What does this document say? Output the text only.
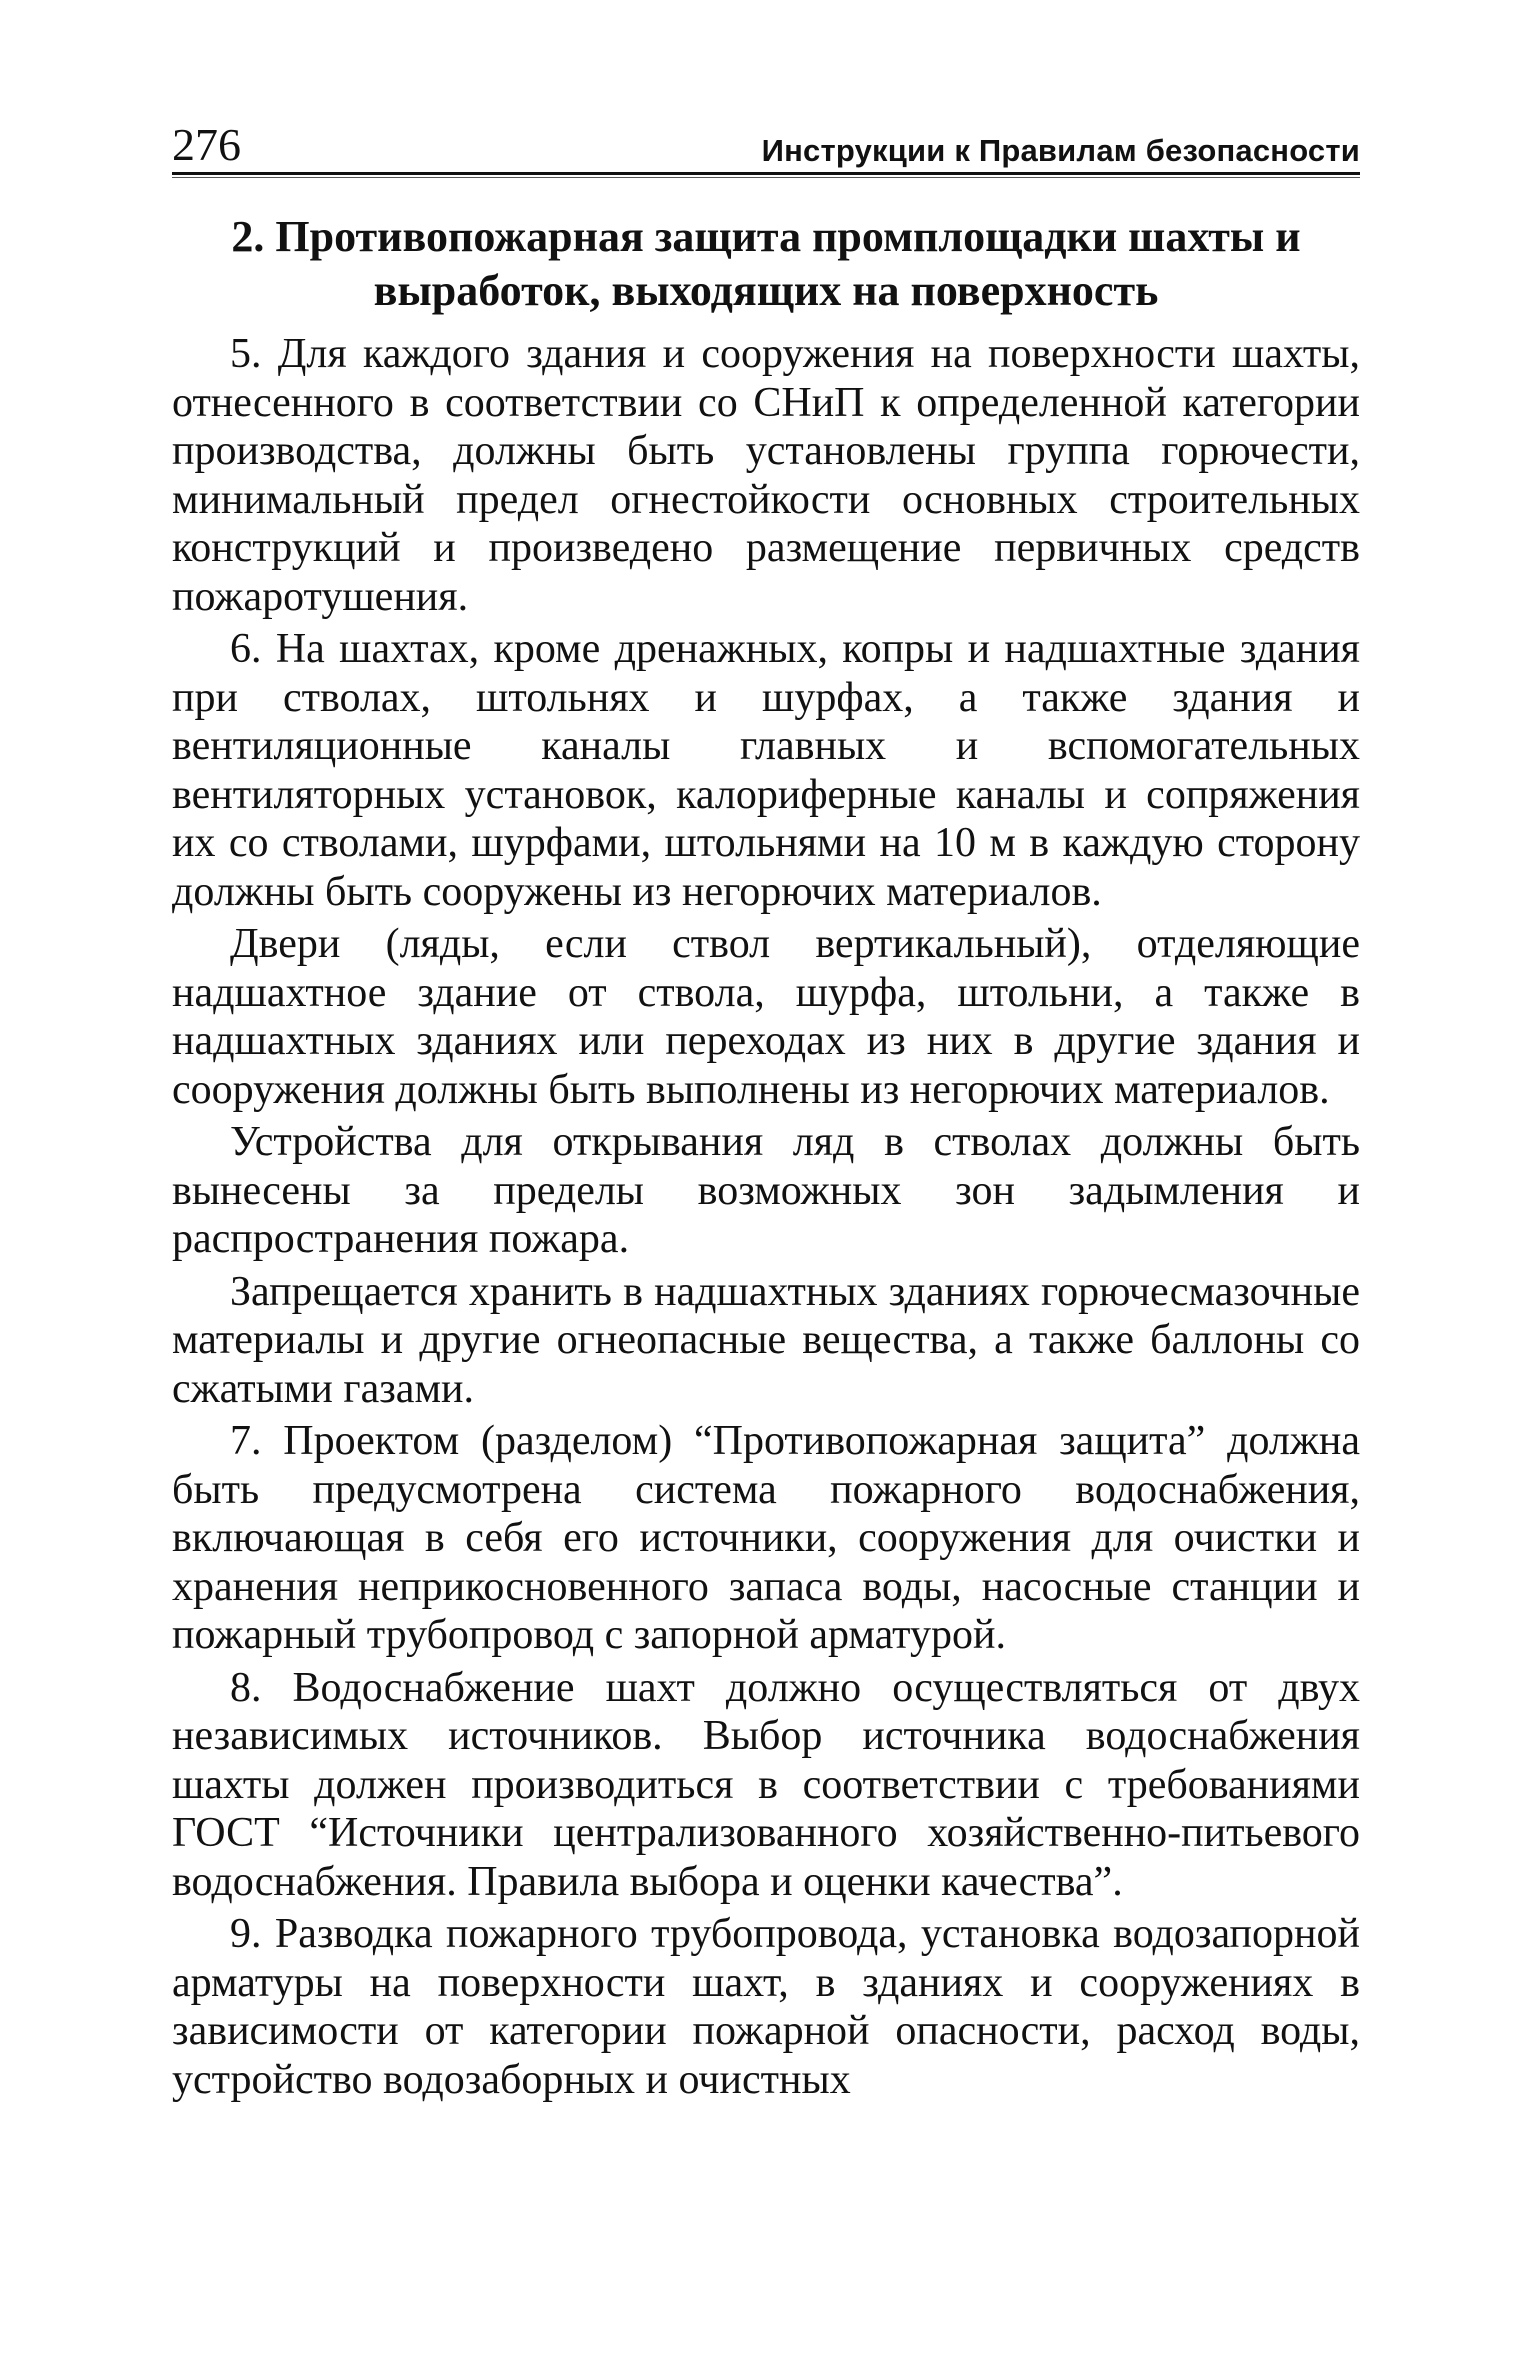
276	Инструкции к Правилам безопасности
2. Противопожарная защита промплощадки шахты и
выработок, выходящих на поверхность

5. Для каждого здания и сооружения на поверхности шахты, отнесенного в соответствии со СНиП к определенной категории производства, должны быть установлены группа горючести, минимальный предел огнестойкости основных строительных конструкций и произведено размещение первичных средств пожаротушения.

6. На шахтах, кроме дренажных, копры и надшахтные здания при стволах, штольнях и шурфах, а также здания и вентиляционные каналы главных и вспомогательных вентиляторных установок, калориферные каналы и сопряжения их со стволами, шурфами, штольнями на 10 м в каждую сторону должны быть сооружены из негорючих материалов.

Двери (ляды, если ствол вертикальный), отделяющие надшахтное здание от ствола, шурфа, штольни, а также в надшахтных зданиях или переходах из них в другие здания и сооружения должны быть выполнены из негорючих материалов.

Устройства для открывания ляд в стволах должны быть вынесены за пределы возможных зон задымления и распространения пожара.

Запрещается хранить в надшахтных зданиях горючесмазочные материалы и другие огнеопасные вещества, а также баллоны со сжатыми газами.

7. Проектом (разделом) “Противопожарная защита” должна быть предусмотрена система пожарного водоснабжения, включающая в себя его источники, сооружения для очистки и хранения неприкосновенного запаса воды, насосные станции и пожарный трубопровод с запорной арматурой.

8. Водоснабжение шахт должно осуществляться от двух независимых источников. Выбор источника водоснабжения шахты должен производиться в соответствии с требованиями ГОСТ “Источники централизованного хозяйственно-питьевого водоснабжения. Правила выбора и оценки качества”.

9. Разводка пожарного трубопровода, установка водозапорной арматуры на поверхности шахт, в зданиях и сооружениях в зависимости от категории пожарной опасности, расход воды, устройство водозаборных и очистных
